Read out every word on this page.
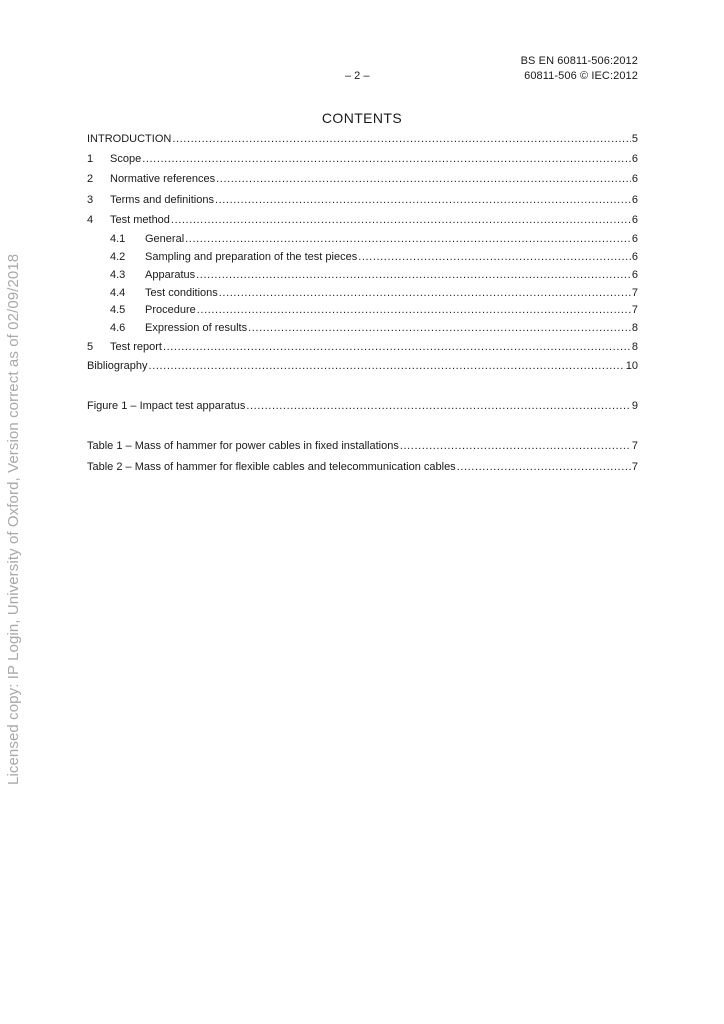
Licensed copy: IP Login, University of Oxford, Version correct as of 02/09/2018
BS EN 60811-506:2012
– 2 –	60811-506 © IEC:2012
CONTENTS
INTRODUCTION .....	5
1	Scope .....	6
2	Normative references .....	6
3	Terms and definitions .....	6
4	Test method .....	6
4.1	General .....	6
4.2	Sampling and preparation of the test pieces .....	6
4.3	Apparatus .....	6
4.4	Test conditions .....	7
4.5	Procedure .....	7
4.6	Expression of results .....	8
5	Test report .....	8
Bibliography .....	10
Figure 1 – Impact test apparatus .....	9
Table 1 – Mass of hammer for power cables in fixed installations .....	7
Table 2 – Mass of hammer for flexible cables and telecommunication cables .....	7
